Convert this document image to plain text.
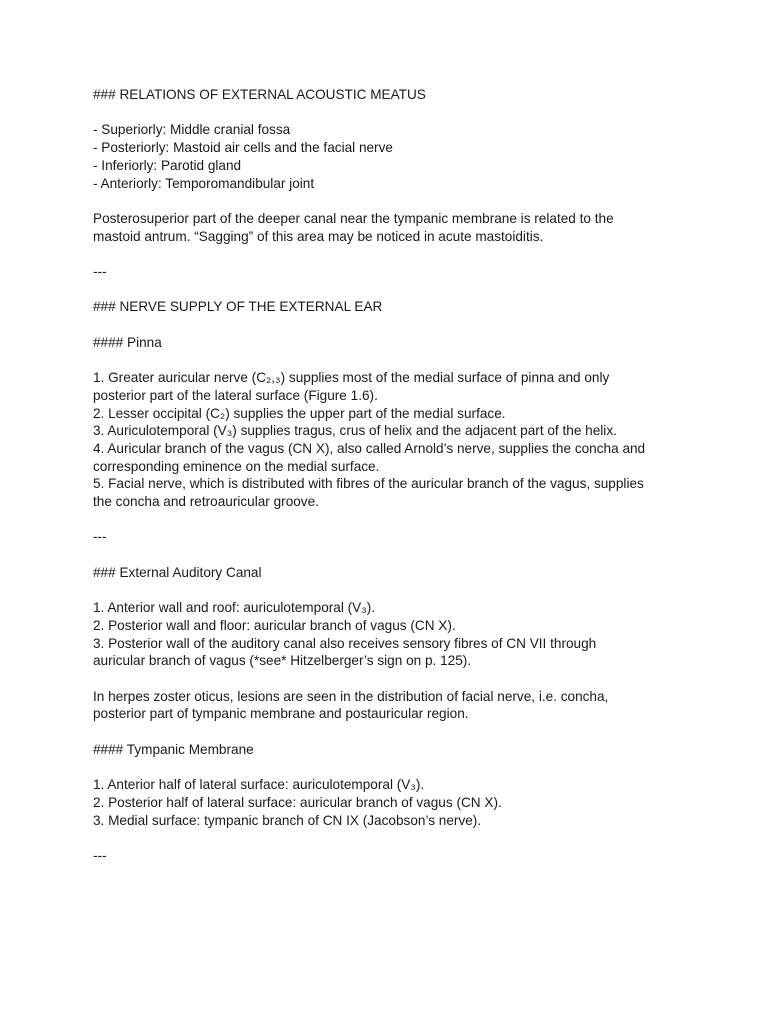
### RELATIONS OF EXTERNAL ACOUSTIC MEATUS
- Superiorly: Middle cranial fossa
- Posteriorly: Mastoid air cells and the facial nerve
- Inferiorly: Parotid gland
- Anteriorly: Temporomandibular joint
Posterosuperior part of the deeper canal near the tympanic membrane is related to the
mastoid antrum. “Sagging” of this area may be noticed in acute mastoiditis.
---
### NERVE SUPPLY OF THE EXTERNAL EAR
#### Pinna
1. Greater auricular nerve (C₂,₃) supplies most of the medial surface of pinna and only
posterior part of the lateral surface (Figure 1.6).
2. Lesser occipital (C₂) supplies the upper part of the medial surface.
3. Auriculotemporal (V₃) supplies tragus, crus of helix and the adjacent part of the helix.
4. Auricular branch of the vagus (CN X), also called Arnold’s nerve, supplies the concha and
corresponding eminence on the medial surface.
5. Facial nerve, which is distributed with fibres of the auricular branch of the vagus, supplies
the concha and retroauricular groove.
---
### External Auditory Canal
1. Anterior wall and roof: auriculotemporal (V₃).
2. Posterior wall and floor: auricular branch of vagus (CN X).
3. Posterior wall of the auditory canal also receives sensory fibres of CN VII through
auricular branch of vagus (*see* Hitzelberger’s sign on p. 125).
In herpes zoster oticus, lesions are seen in the distribution of facial nerve, i.e. concha,
posterior part of tympanic membrane and postauricular region.
#### Tympanic Membrane
1. Anterior half of lateral surface: auriculotemporal (V₃).
2. Posterior half of lateral surface: auricular branch of vagus (CN X).
3. Medial surface: tympanic branch of CN IX (Jacobson’s nerve).
---
